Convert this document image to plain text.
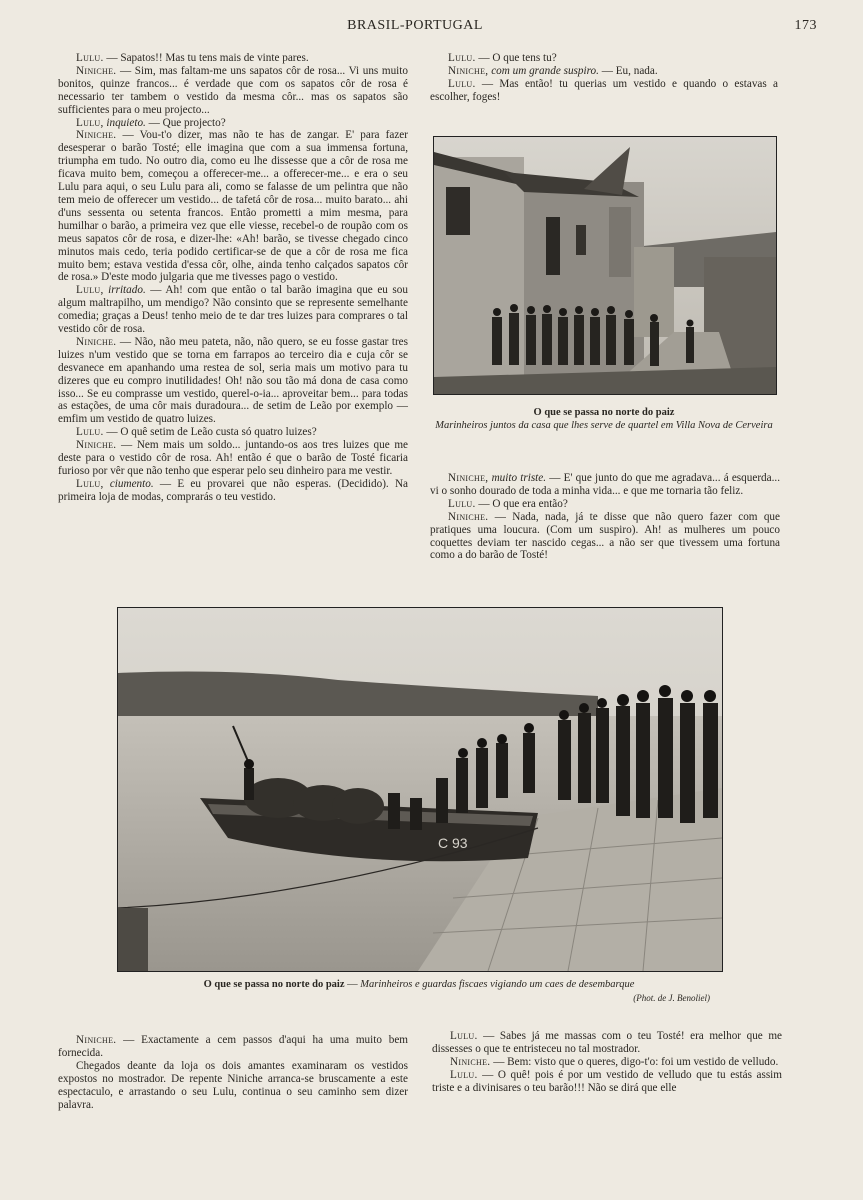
BRASIL-PORTUGAL	173

Lulu. — Sapatos!! Mas tu tens mais de vinte pares.

Niniche. — Sim, mas faltam-me uns sapatos côr de rosa... Vi uns muito bonitos, quinze francos... é verdade que com os sapatos côr de rosa é necessario ter tambem o vestido da mesma côr... mas os sapatos são sufficientes para o meu projecto...

Lulu, inquieto. — Que projecto?

Niniche. — Vou-t'o dizer, mas não te has de zangar. E' para fazer desesperar o barão Tosté; elle imagina que com a sua immensa fortuna, triumpha em tudo. No outro dia, como eu lhe dissesse que a côr de rosa me ficava muito bem, começou a offerecer-me... a offerecer-me... e era o seu Lulu para aqui, o seu Lulu para ali, como se falasse de um pelintra que não tem meio de offerecer um vestido... de tafetá côr de rosa... muito barato... ahi d'uns sessenta ou setenta francos. Então prometti a mim mesma, para humilhar o barão, a primeira vez que elle viesse, recebel-o de roupão com os meus sapatos côr de rosa, e dizer-lhe: «Ah! barão, se tivesse chegado cinco minutos mais cedo, teria podido certificar-se de que a côr de rosa me fica muito bem; estava vestida d'essa côr, olhe, ainda tenho calçados sapatos côr de rosa.» D'este modo julgaria que me tivesses pago o vestido.

Lulu, irritado. — Ah! com que então o tal barão imagina que eu sou algum maltrapilho, um mendigo? Não consinto que se represente semelhante comedia; graças a Deus! tenho meio de te dar tres luizes para comprares o tal vestido côr de rosa.

Niniche. — Não, não meu pateta, não, não quero, se eu fosse gastar tres luizes n'um vestido que se torna em farrapos ao terceiro dia e cuja côr se desvanece em apanhando uma restea de sol, seria mais um motivo para tu dizeres que eu compro inutilidades! Oh! não sou tão má dona de casa como isso... Se eu comprasse um vestido, querel-o-ia... aproveitar bem... para todas as estações, de uma côr mais duradoura... de setim de Leão por exemplo — emfim um vestido de quatro luizes.

Lulu. — O quê setim de Leão custa só quatro luizes?

Niniche. — Nem mais um soldo... juntando-os aos tres luizes que me deste para o vestido côr de rosa. Ah! então é que o barão de Tosté ficaria furioso por vêr que não tenho que esperar pelo seu dinheiro para me vestir.

Lulu, ciumento. — E eu provarei que não esperas. (Decidido). Na primeira loja de modas, comprarás o teu vestido.

Lulu. — O que tens tu?

Niniche, com um grande suspiro. — Eu, nada.

Lulu. — Mas então! tu querias um vestido e quando o estavas a escolher, foges!

O que se passa no norte do paiz
Marinheiros juntos da casa que lhes serve de quartel em Villa Nova de Cerveira

Niniche, muito triste. — E' que junto do que me agradava... á esquerda... vi o sonho dourado de toda a minha vida... e que me tornaria tão feliz.

Lulu. — O que era então?

Niniche. — Nada, nada, já te disse que não quero fazer com que pratiques uma loucura. (Com um suspiro). Ah! as mulheres um pouco coquettes deviam ter nascido cegas... a não ser que tivessem uma fortuna como a do barão de Tosté!

C 93
O que se passa no norte do paiz — Marinheiros e guardas fiscaes vigiando um caes de desembarque
(Phot. de J. Benoliel)

Niniche. — Exactamente a cem passos d'aqui ha uma muito bem fornecida.

Chegados deante da loja os dois amantes examinaram os vestidos expostos no mostrador. De repente Niniche arranca-se bruscamente a este espectaculo, e arrastando o seu Lulu, continua o seu caminho sem dizer palavra.

Lulu. — Sabes já me massas com o teu Tosté! era melhor que me dissesses o que te entristeceu no tal mostrador.

Niniche. — Bem: visto que o queres, digo-t'o: foi um vestido de velludo.

Lulu. — O quê! pois é por um vestido de velludo que tu estás assim triste e a divinisares o teu barão!!! Não se dirá que elle
